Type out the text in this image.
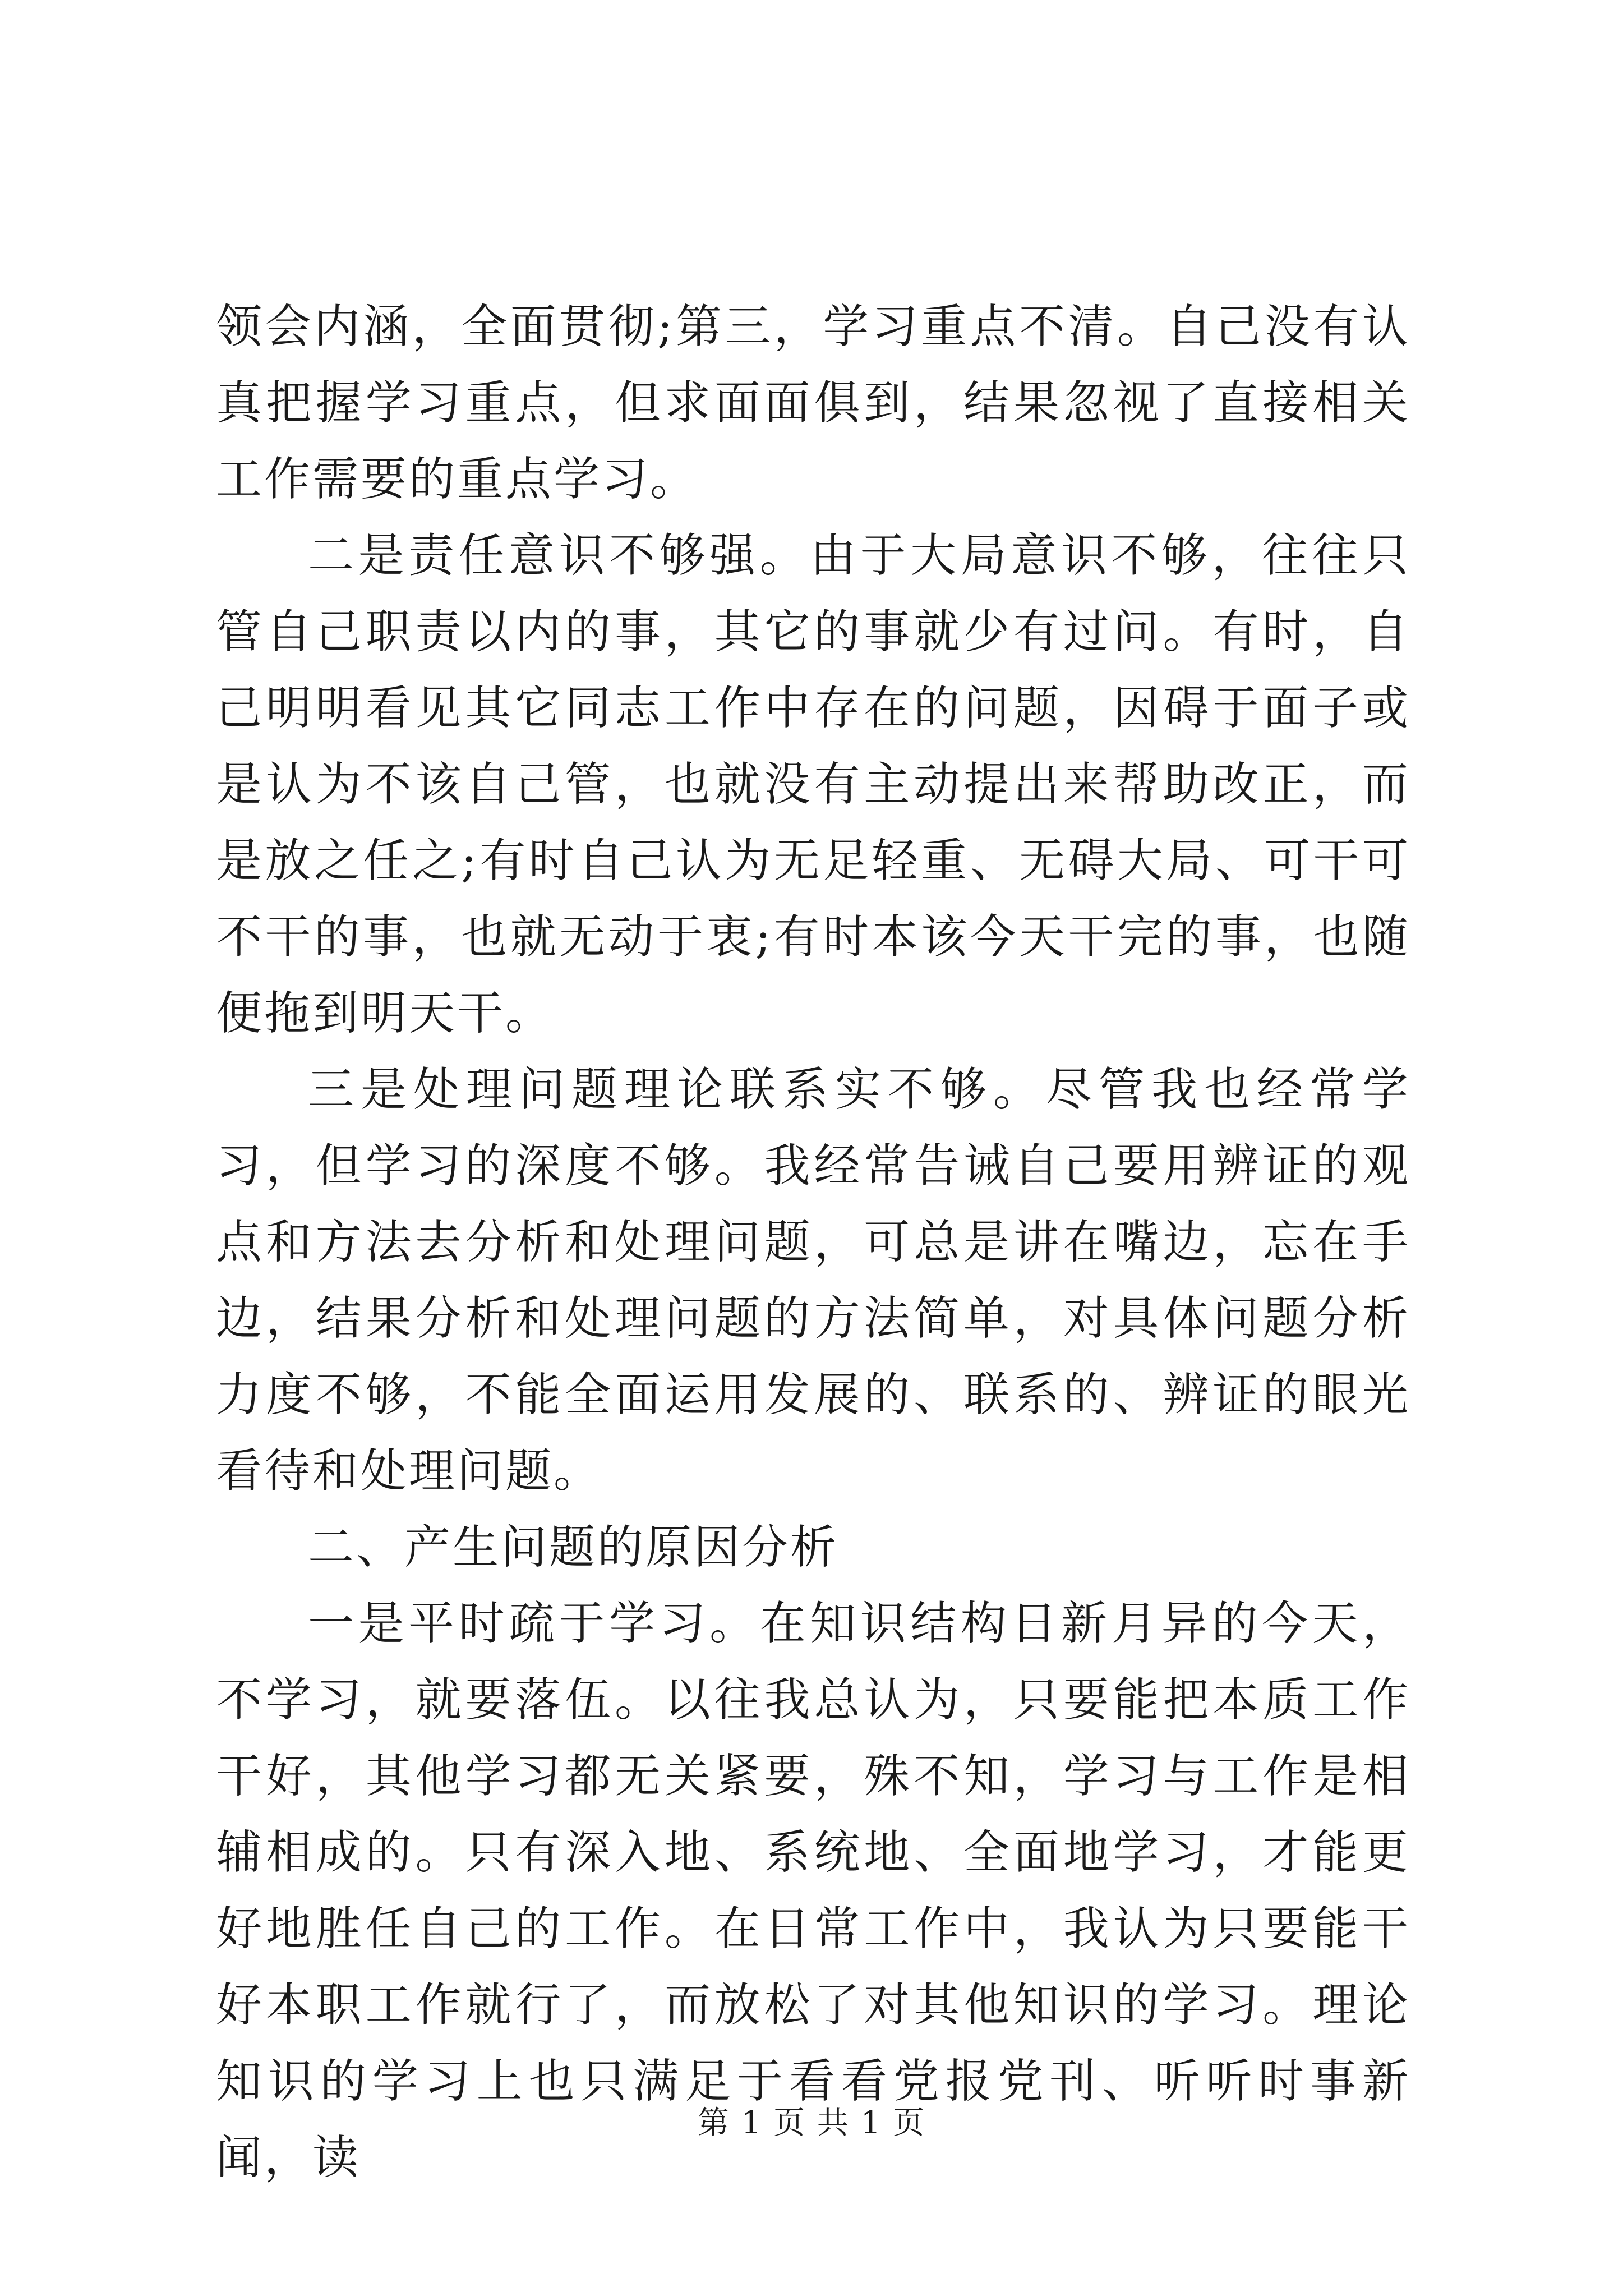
领会内涵，全面贯彻;第三，学习重点不清。自己没有认真把握学习重点，但求面面俱到，结果忽视了直接相关工作需要的重点学习。

二是责任意识不够强。由于大局意识不够，往往只管自己职责以内的事，其它的事就少有过问。有时，自己明明看见其它同志工作中存在的问题，因碍于面子或是认为不该自己管，也就没有主动提出来帮助改正，而是放之任之;有时自己认为无足轻重、无碍大局、可干可不干的事，也就无动于衷;有时本该今天干完的事，也随便拖到明天干。

三是处理问题理论联系实不够。尽管我也经常学习，但学习的深度不够。我经常告诫自己要用辨证的观点和方法去分析和处理问题，可总是讲在嘴边，忘在手边，结果分析和处理问题的方法简单，对具体问题分析力度不够，不能全面运用发展的、联系的、辨证的眼光看待和处理问题。

二、产生问题的原因分析

一是平时疏于学习。在知识结构日新月异的今天，不学习，就要落伍。以往我总认为，只要能把本质工作干好，其他学习都无关紧要，殊不知，学习与工作是相辅相成的。只有深入地、系统地、全面地学习，才能更好地胜任自己的工作。在日常工作中，我认为只要能干好本职工作就行了，而放松了对其他知识的学习。理论知识的学习上也只满足于看看党报党刊、听听时事新闻，读

第 1 页 共 1 页
